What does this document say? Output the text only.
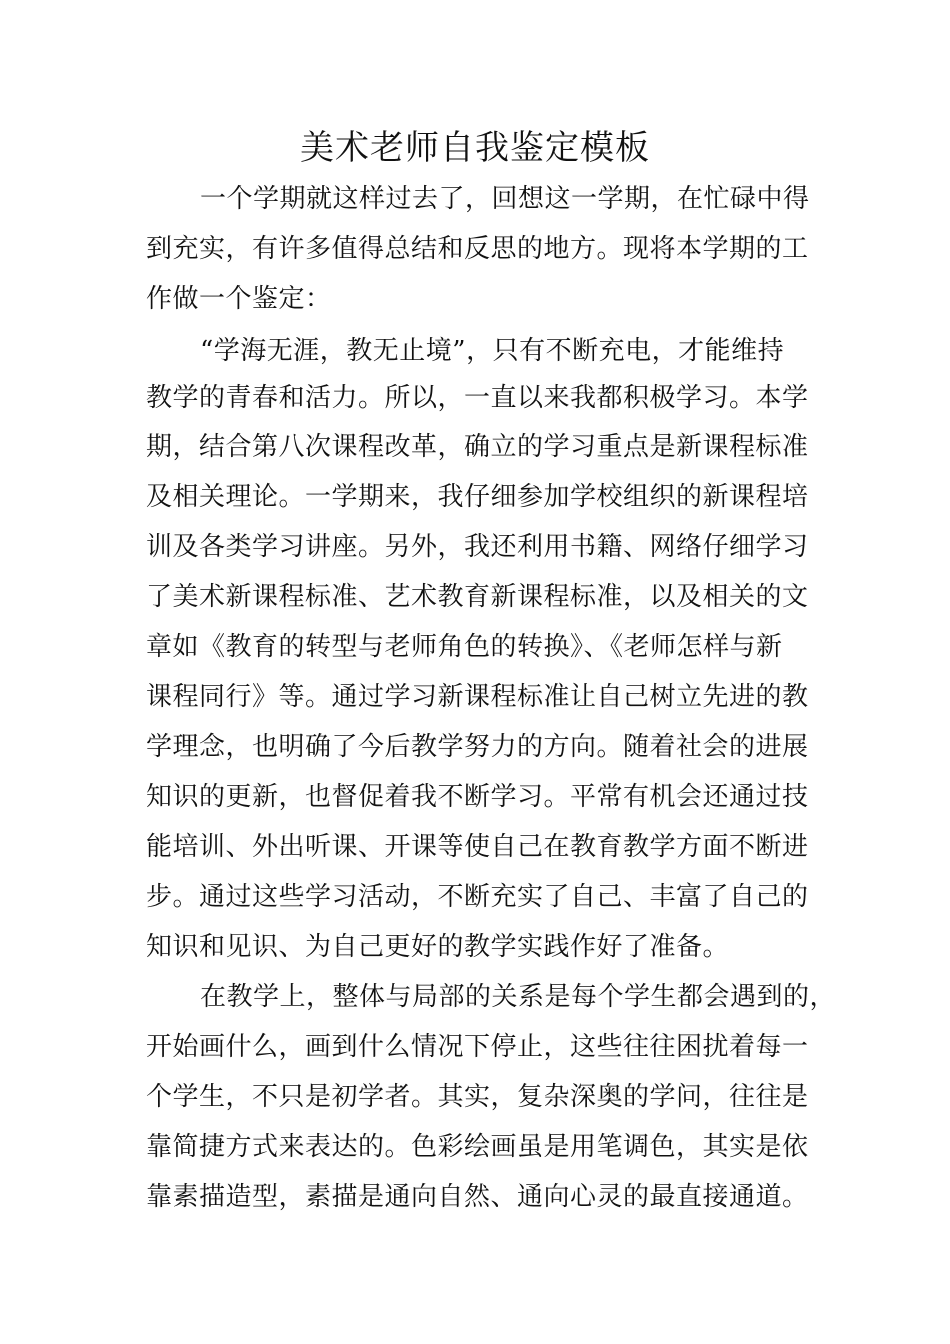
美术老师自我鉴定模板
一个学期就这样过去了，回想这一学期，在忙碌中得
到充实，有许多值得总结和反思的地方。现将本学期的工
作做一个鉴定：
“学海无涯，教无止境”，只有不断充电，才能维持
教学的青春和活力。所以，一直以来我都积极学习。本学
期，结合第八次课程改革，确立的学习重点是新课程标准
及相关理论。一学期来，我仔细参加学校组织的新课程培
训及各类学习讲座。另外，我还利用书籍、网络仔细学习
了美术新课程标准、艺术教育新课程标准，以及相关的文
章如《教育的转型与老师角色的转换》、《老师怎样与新
课程同行》等。通过学习新课程标准让自己树立先进的教
学理念，也明确了今后教学努力的方向。随着社会的进展
知识的更新，也督促着我不断学习。平常有机会还通过技
能培训、外出听课、开课等使自己在教育教学方面不断进
步。通过这些学习活动，不断充实了自己、丰富了自己的
知识和见识、为自己更好的教学实践作好了准备。
在教学上，整体与局部的关系是每个学生都会遇到的，
开始画什么，画到什么情况下停止，这些往往困扰着每一
个学生，不只是初学者。其实，复杂深奥的学问，往往是
靠简捷方式来表达的。色彩绘画虽是用笔调色，其实是依
靠素描造型，素描是通向自然、通向心灵的最直接通道。
